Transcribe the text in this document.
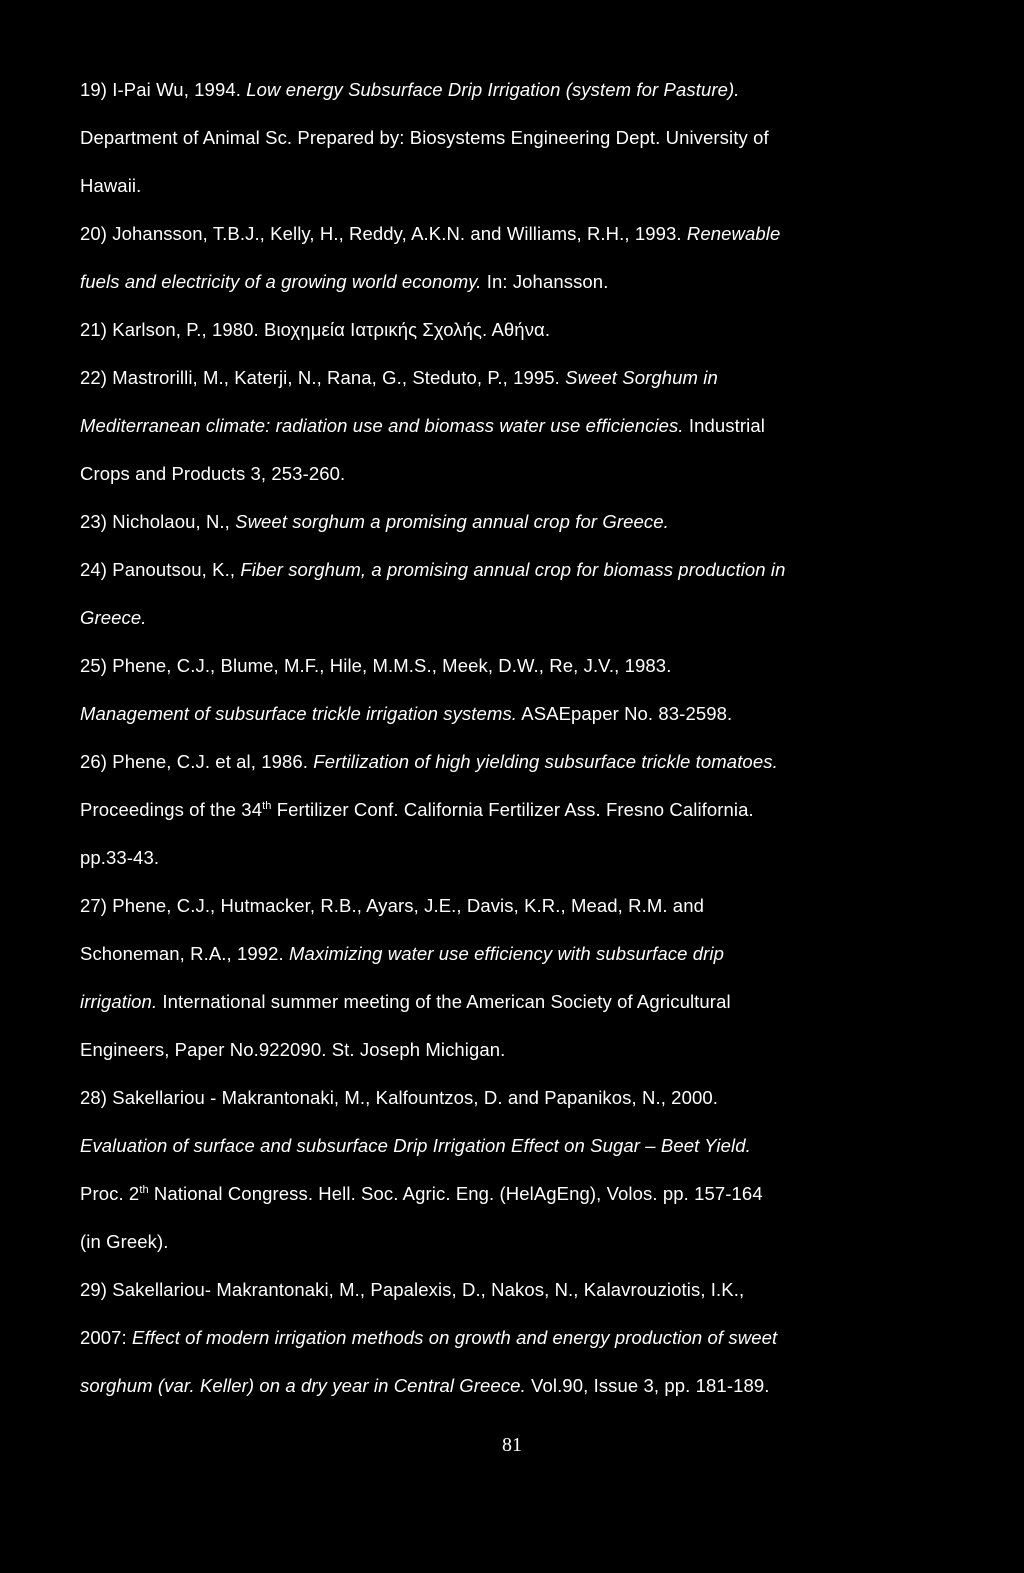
19) I-Pai Wu, 1994. Low energy Subsurface Drip Irrigation (system for Pasture).
Department of Animal Sc. Prepared by: Biosystems Engineering Dept. University of
Hawaii.
20) Johansson, T.B.J., Kelly, H., Reddy, A.K.N. and Williams, R.H., 1993. Renewable
fuels and electricity of a growing world economy. In: Johansson.
21) Karlson, P., 1980. Βιοχημεία Ιατρικής Σχολής. Αθήνα.
22) Mastrorilli, M., Katerji, N., Rana, G., Steduto, P., 1995. Sweet Sorghum in
Mediterranean climate: radiation use and biomass water use efficiencies. Industrial
Crops and Products 3, 253-260.
23) Nicholaou, N., Sweet sorghum a promising annual crop for Greece.
24) Panoutsou, K., Fiber sorghum, a promising annual crop for biomass production in
Greece.
25) Phene, C.J., Blume, M.F., Hile, M.M.S., Meek, D.W., Re, J.V., 1983.
Management of subsurface trickle irrigation systems. ASAEpaper No. 83-2598.
26) Phene, C.J. et al, 1986. Fertilization of high yielding subsurface trickle tomatoes.
Proceedings of the 34th Fertilizer Conf. California Fertilizer Ass. Fresno California.
pp.33-43.
27) Phene, C.J., Hutmacker, R.B., Ayars, J.E., Davis, K.R., Mead, R.M. and
Schoneman, R.A., 1992. Maximizing water use efficiency with subsurface drip
irrigation. International summer meeting of the American Society of Agricultural
Engineers, Paper No.922090. St. Joseph Michigan.
28) Sakellariou - Makrantonaki, M., Kalfountzos, D. and Papanikos, N., 2000.
Evaluation of surface and subsurface Drip Irrigation Effect on Sugar – Beet Yield.
Proc. 2th National Congress. Hell. Soc. Agric. Eng. (HelAgEng), Volos. pp. 157-164
(in Greek).
29) Sakellariou- Makrantonaki, M., Papalexis, D., Nakos, N., Kalavrouziotis, I.K.,
2007: Effect of modern irrigation methods on growth and energy production of sweet
sorghum (var. Keller) on a dry year in Central Greece. Vol.90, Issue 3, pp. 181-189.
81
